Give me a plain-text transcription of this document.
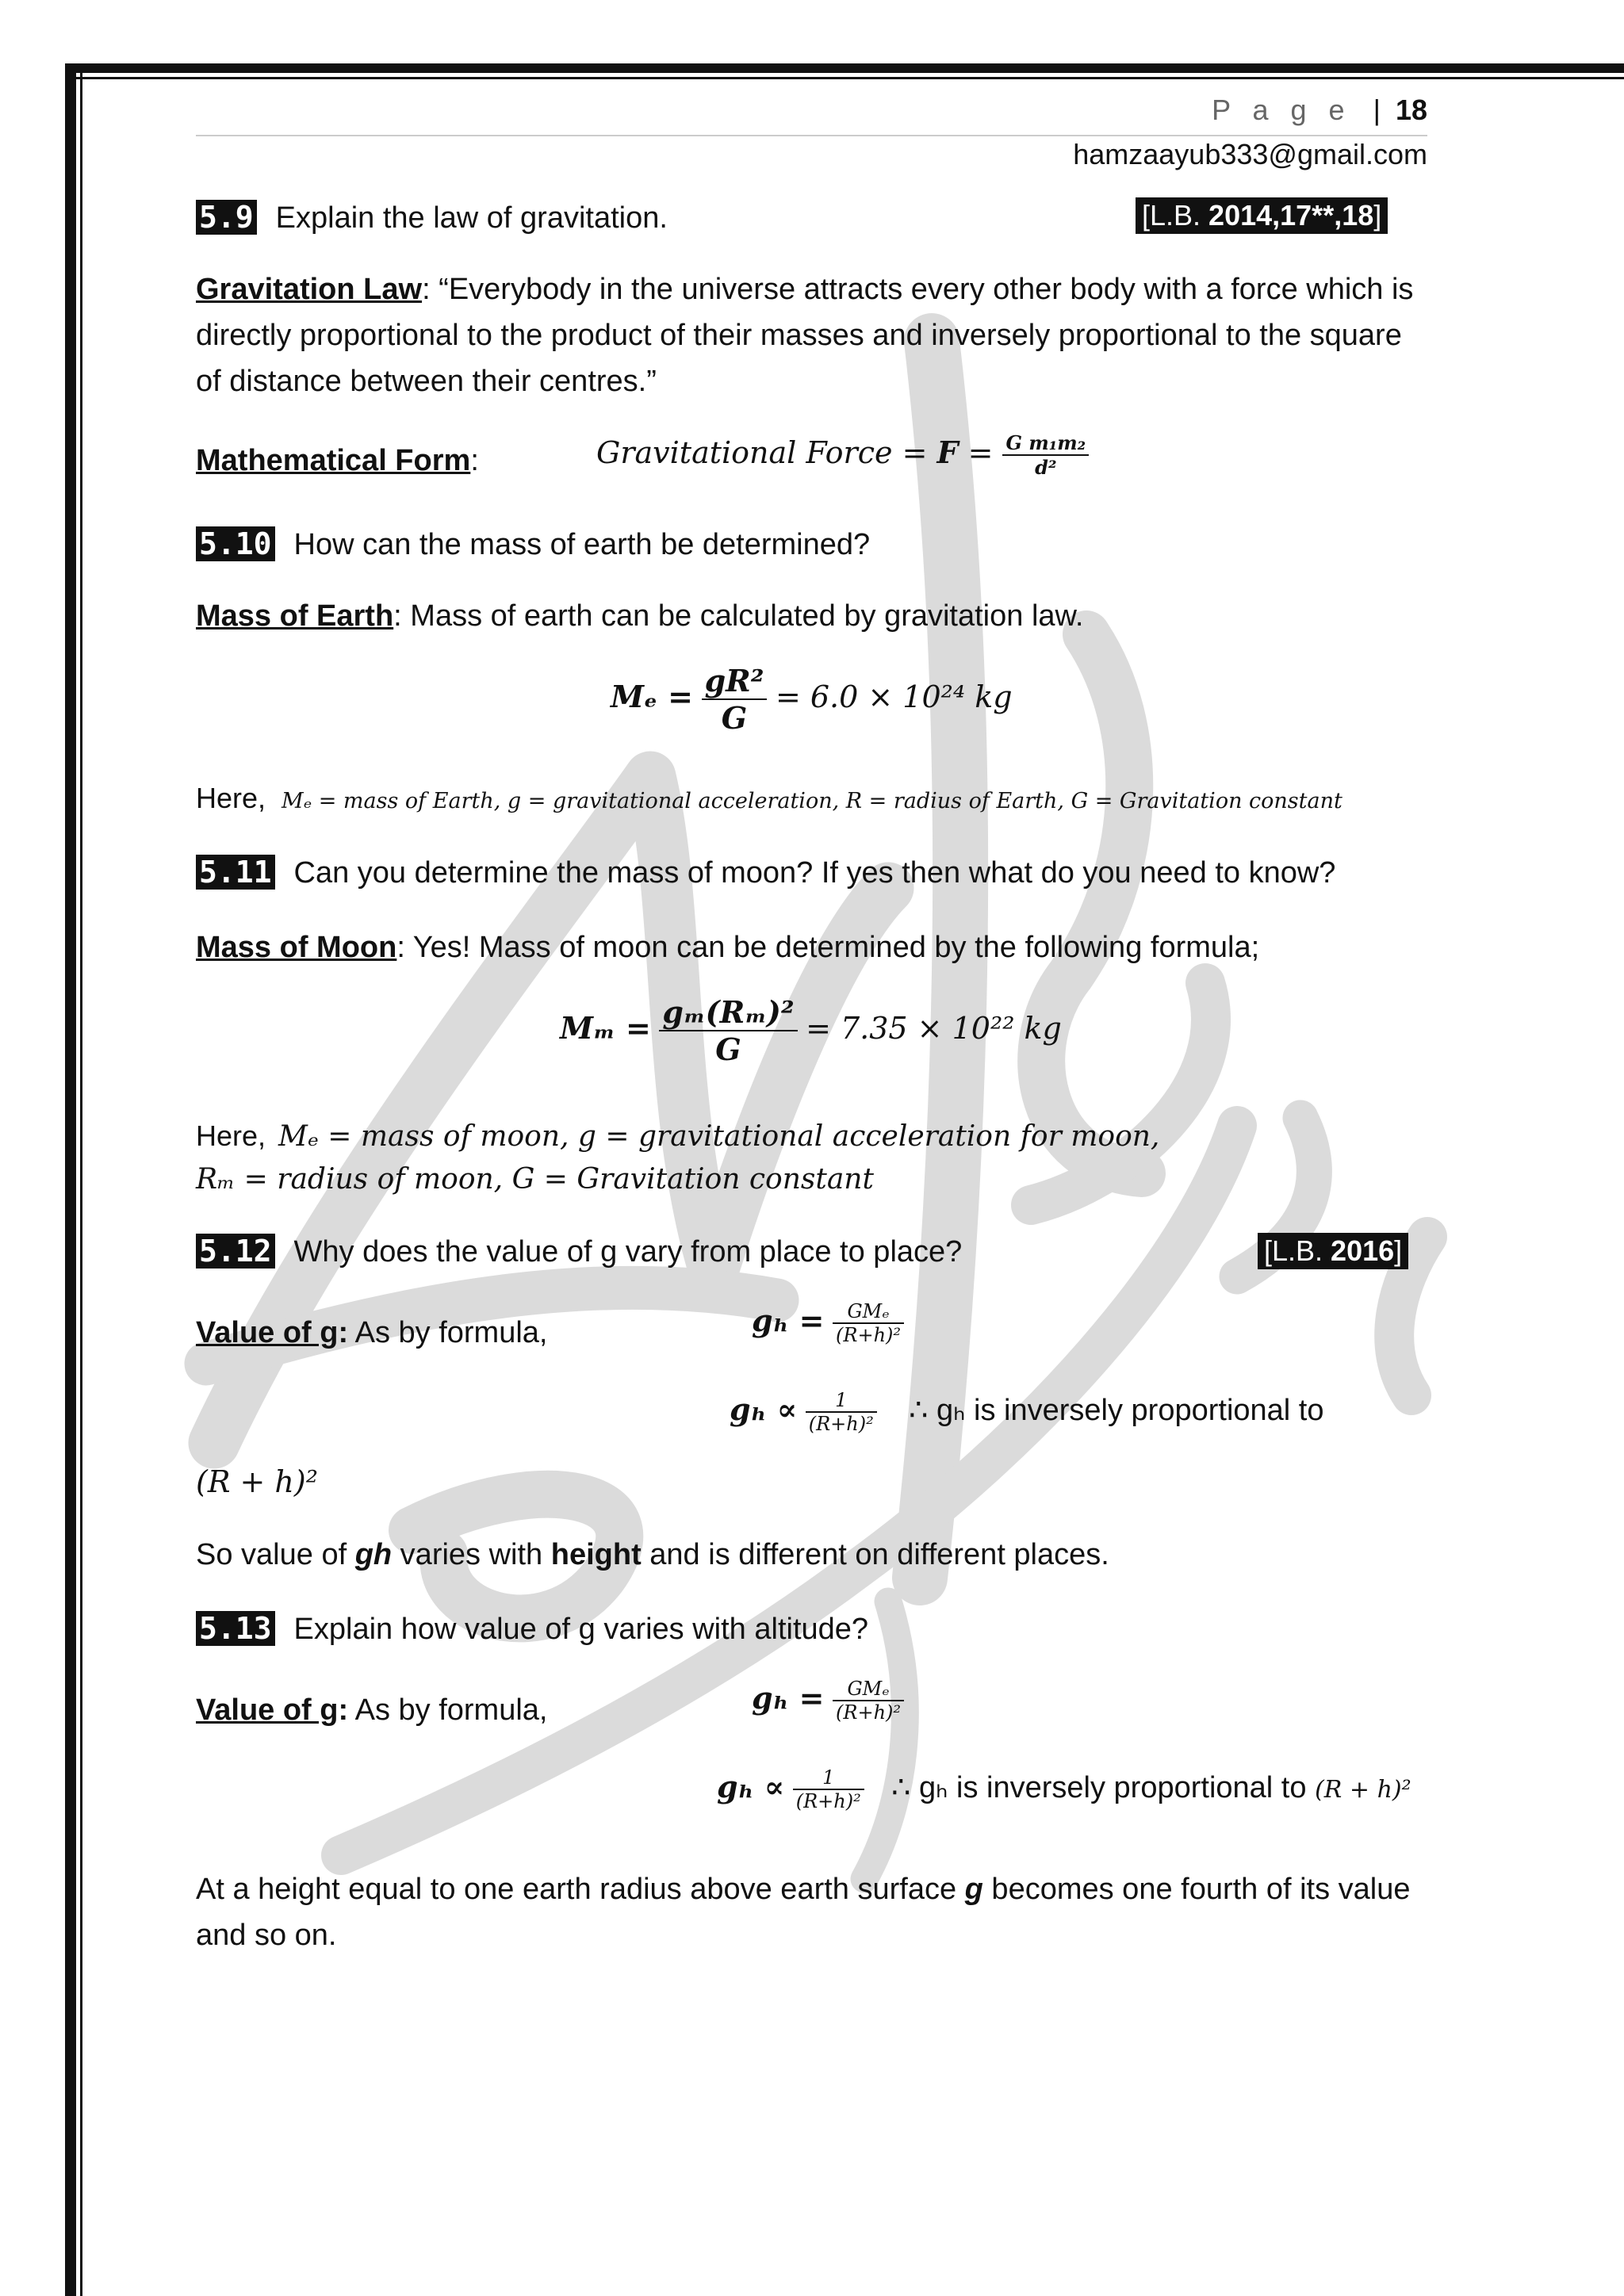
P a g e | 18
hamzaayub333@gmail.com
5.9 Explain the law of gravitation.	[L.B. 2014,17**,18]
Gravitation Law: “Everybody in the universe attracts every other body with a force which is directly proportional to the product of their masses and inversely proportional to the square of distance between their centres.”
Mathematical Form:	Gravitational Force = $F = \frac{\text{G m₁m₂}}{\text{d²}}$
5.10 How can the mass of earth be determined?
Mass of Earth: Mass of earth can be calculated by gravitation law.
$M_e = \frac{\text{gR²}}{G} = 6.0 \times 10^{24}$ kg
Here, Mₑ = mass of Earth, g = gravitational acceleration, R = radius of Earth, G = Gravitation constant
5.11 Can you determine the mass of moon? If yes then what do you need to know?
Mass of Moon: Yes! Mass of moon can be determined by the following formula;
$M_m = \frac{\text{gₘ(Rₘ)²}}{G} = 7.35 \times 10^{22}$ kg
Here, Mₑ = mass of moon, g = gravitational acceleration for moon,
Rₘ = radius of moon, G = Gravitation constant
5.12 Why does the value of g vary from place to place?	[L.B. 2016]
Value of g: As by formula,	$g_h = \frac{\text{GMₑ}}{\text{(R+h)²}}$
$g_h \propto \frac{1}{\text{(R+h)²}}$ ∴ gₕ is inversely proportional to
(R + h)²
So value of gh varies with height and is different on different places.
5.13 Explain how value of g varies with altitude?
Value of g: As by formula,	$g_h = \frac{\text{GMₑ}}{\text{(R+h)²}}$
$g_h \propto \frac{1}{\text{(R+h)²}}$ ∴ gₕ is inversely proportional to (R + h)²
At a height equal to one earth radius above earth surface g becomes one fourth of its value and so on.
